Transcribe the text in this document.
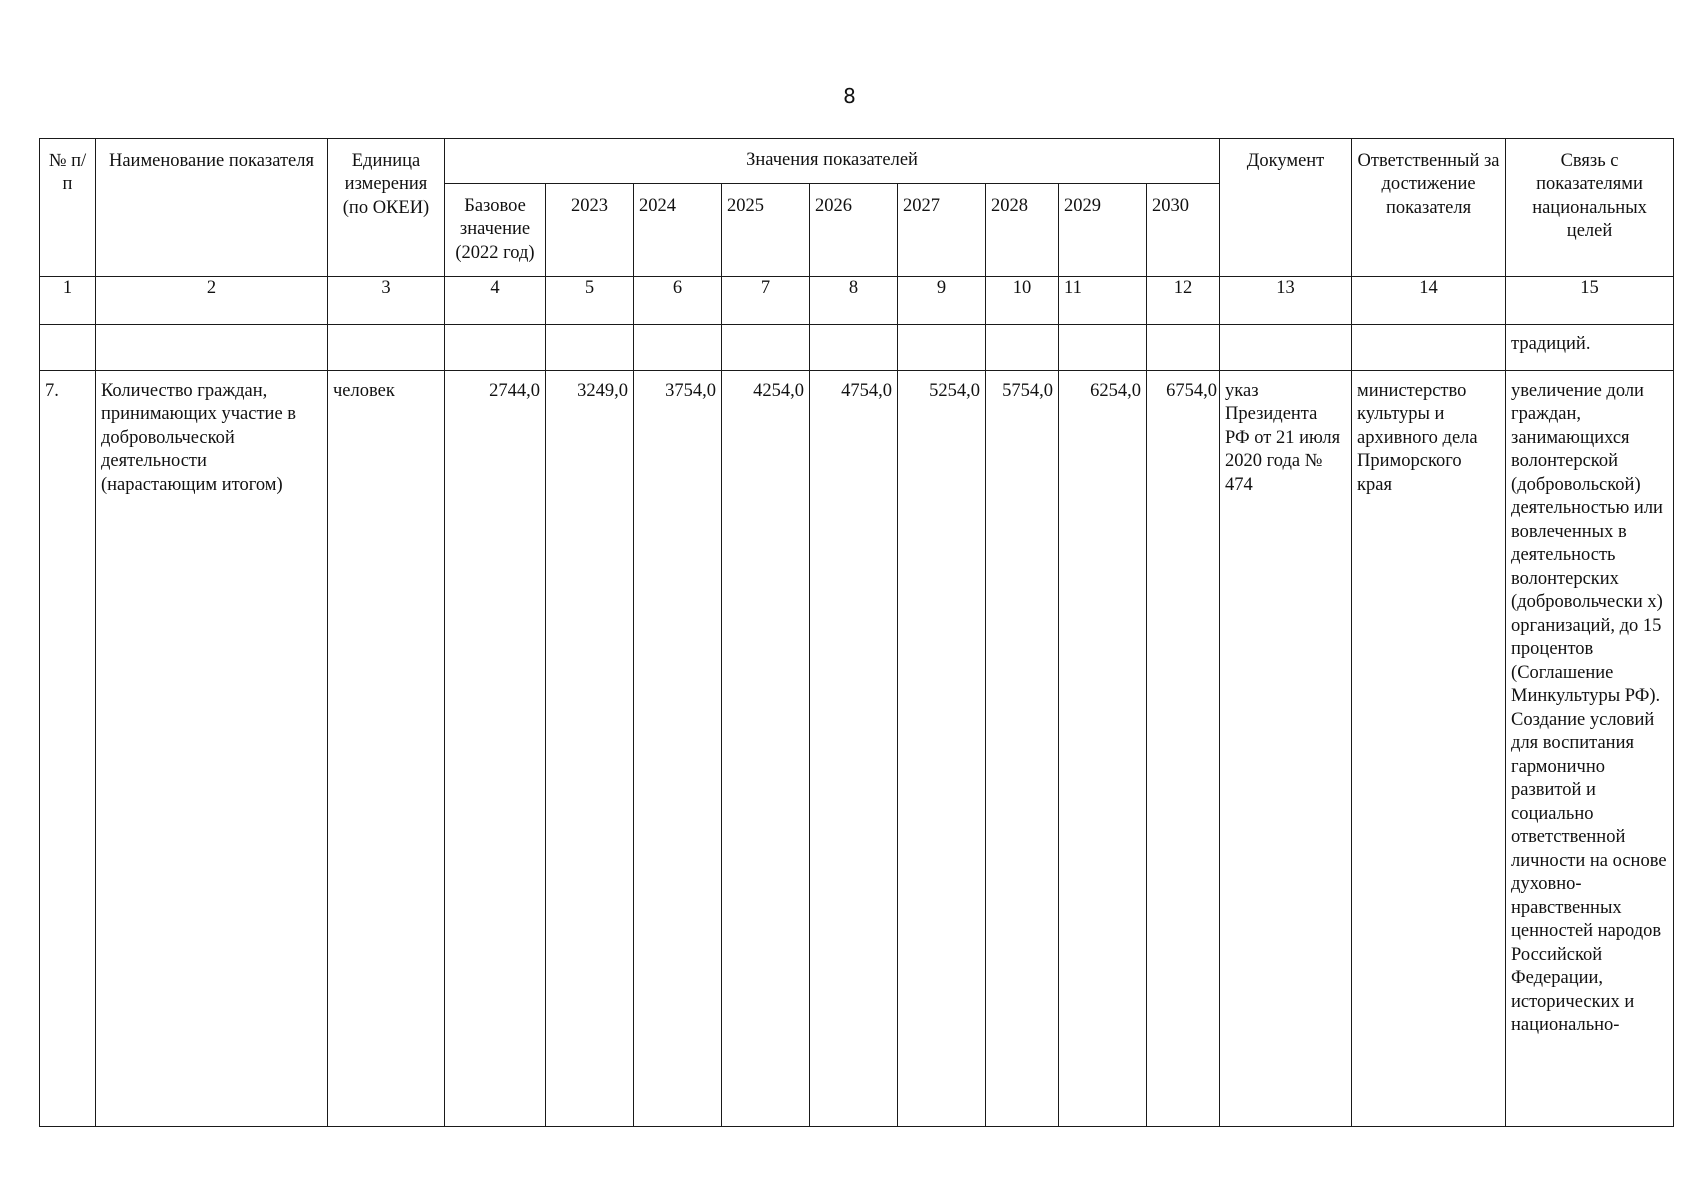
8
№ п/п	Наименование показателя	Единица измерения (по ОКЕИ)	Значения показателей									Документ	Ответственный за достижение показателя	Связь с показателями национальных целей
			Базовое значение (2022 год)	2023	2024	2025	2026	2027	2028	2029	2030			
1	2	3	4	5	6	7	8	9	10	11	12	13	14	15
														традиций.
7.	Количество граждан, принимающих участие в добровольческой деятельности (нарастающим итогом)	человек	2744,0	3249,0	3754,0	4254,0	4754,0	5254,0	5754,0	6254,0	6754,0	указ Президента РФ от 21 июля 2020 года № 474	министерство культуры и архивного дела Приморского края	увеличение доли граждан, занимающихся волонтерской (добровольской) деятельностью или вовлеченных в деятельность волонтерских (добровольчески х) организаций, до 15 процентов (Соглашение Минкультуры РФ). Создание условий для воспитания гармонично развитой и социально ответственной личности на основе духовно-нравственных ценностей народов Российской Федерации, исторических и национально-
